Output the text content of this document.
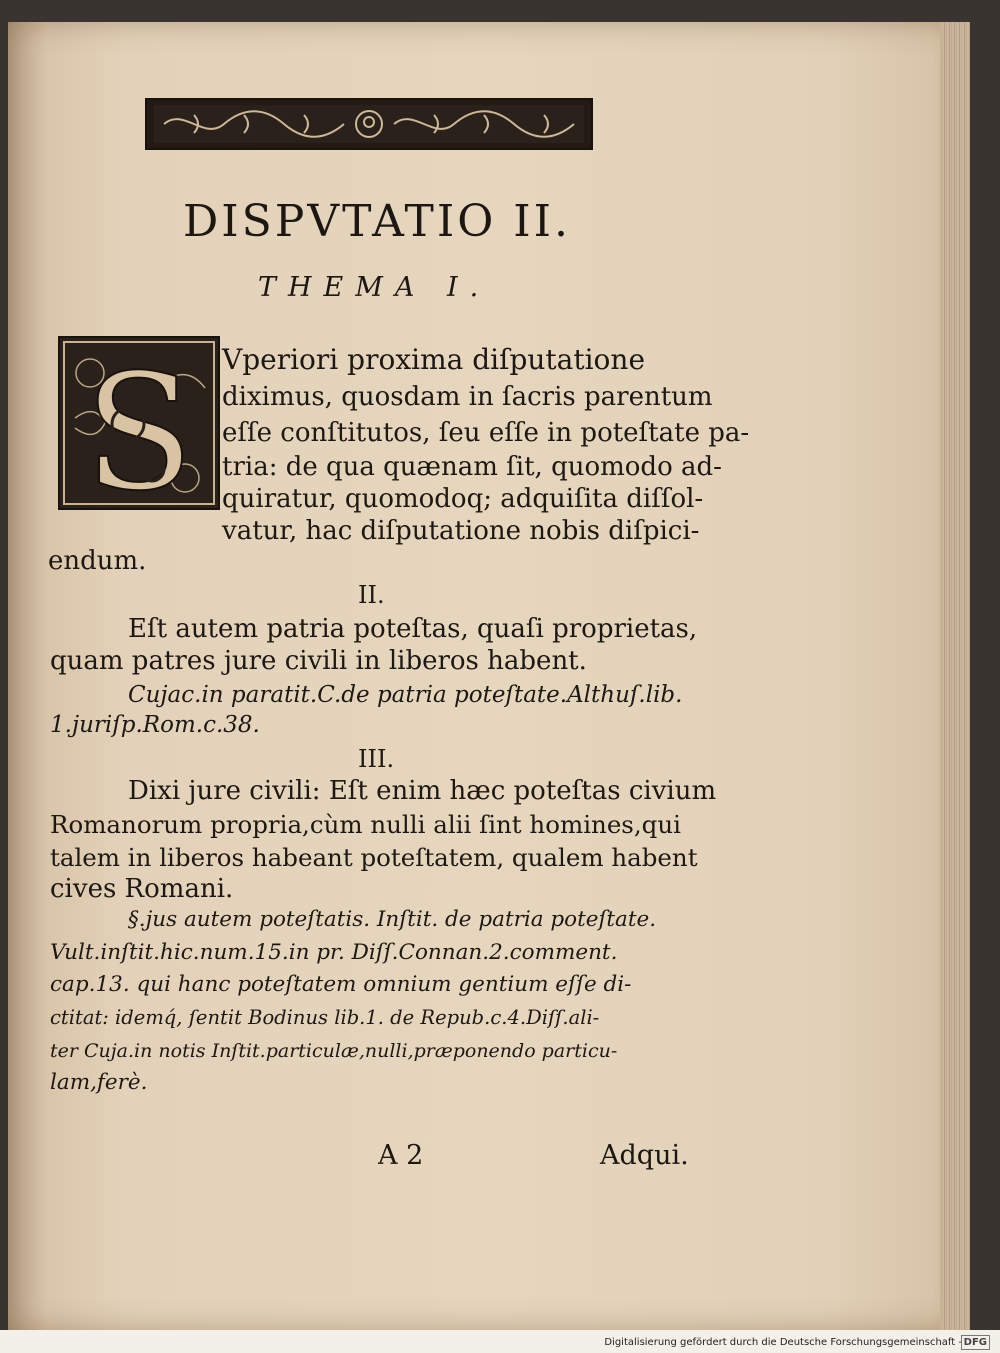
DISPVTATIO II.
THEMA I.
S Vperiori proxima diſputatione
diximus, quosdam in ſacris parentum
eſſe conſtitutos, ſeu eſſe in poteſtate pa-
tria: de qua quænam ſit, quomodo ad-
quiratur, quomodoq; adquiſita diſſol-
vatur, hac diſputatione nobis diſpici-
endum.
II.
Eſt autem patria poteſtas, quaſi proprietas,
quam patres jure civili in liberos habent.
Cujac.in paratit.C.de patria poteſtate.Althuſ.lib.
1.juriſp.Rom.c.38.
III.
Dixi jure civili: Eſt enim hæc poteſtas civium
Romanorum propria,cùm nulli alii ſint homines,qui
talem in liberos habeant poteſtatem, qualem habent
cives Romani.
§.jus autem poteſtatis. Inſtit. de patria poteſtate.
Vult.inſtit.hic.num.15.in pr. Diſſ.Connan.2.comment.
cap.13. qui hanc poteſtatem omnium gentium eſſe di-
ctitat: idemq́, ſentit Bodinus lib.1. de Repub.c.4.Diſſ.ali-
ter Cuja.in notis Inſtit.particulæ,nulli,præponendo particu-
lam,ferè.
A 2	Adqui.
Digitalisierung gefördert durch die Deutsche Forschungsgemeinschaft - DFG
